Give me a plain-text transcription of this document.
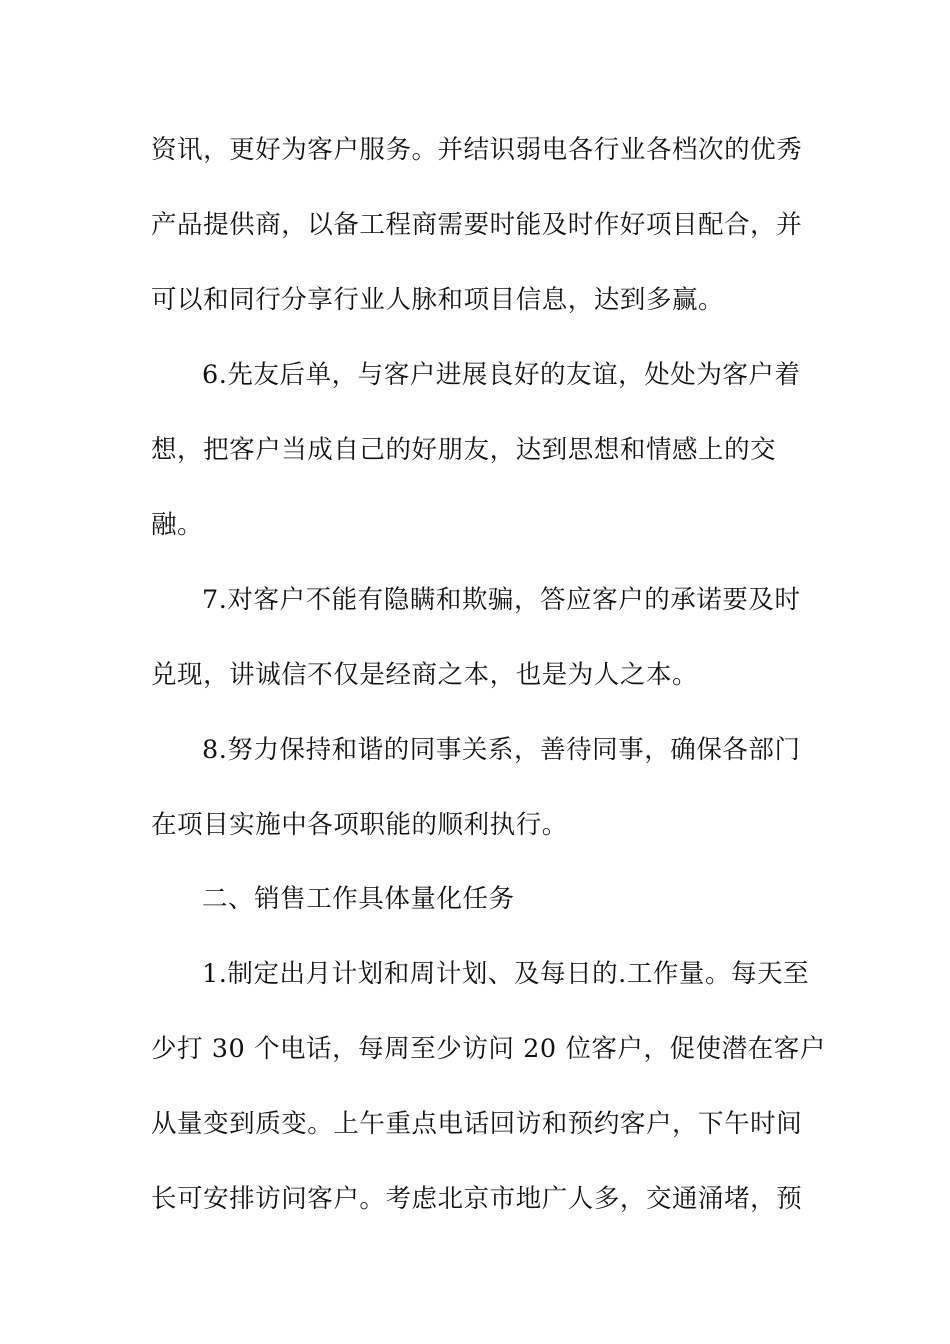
资讯，更好为客户服务。并结识弱电各行业各档次的优秀
产品提供商，以备工程商需要时能及时作好项目配合，并
可以和同行分享行业人脉和项目信息，达到多赢。
6.先友后单，与客户进展良好的友谊，处处为客户着
想，把客户当成自己的好朋友，达到思想和情感上的交
融。
7.对客户不能有隐瞒和欺骗，答应客户的承诺要及时
兑现，讲诚信不仅是经商之本，也是为人之本。
8.努力保持和谐的同事关系，善待同事，确保各部门
在项目实施中各项职能的顺利执行。
二、销售工作具体量化任务
1.制定出月计划和周计划、及每日的.工作量。每天至
少打 30 个电话，每周至少访问 20 位客户，促使潜在客户
从量变到质变。上午重点电话回访和预约客户，下午时间
长可安排访问客户。考虑北京市地广人多，交通涌堵，预
